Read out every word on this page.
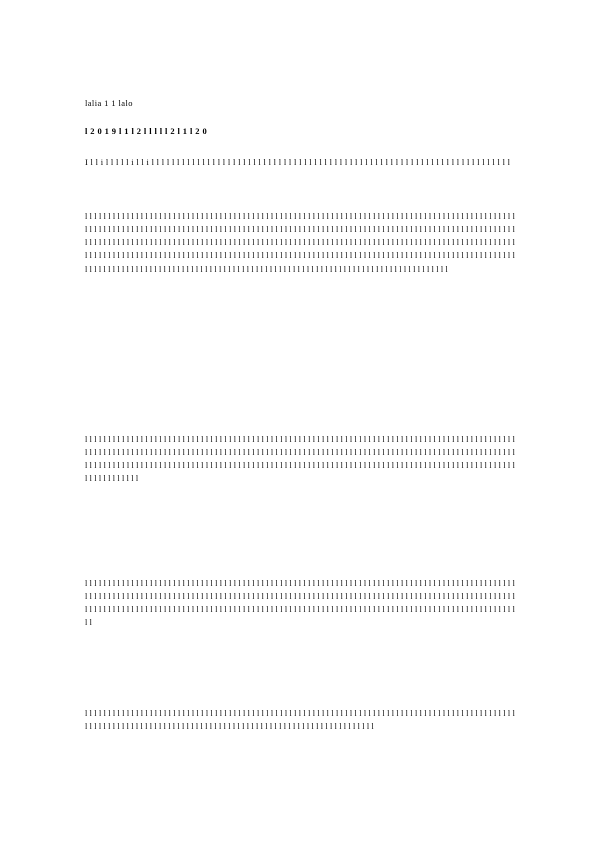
lalia 1 1 lalo
l 2 0 1 9 l 1 l 2 l l l l l 2 l 1 l 2 0
I l l i l l l l l i l l i l l l l l l l l l l l l l l l l l l l l l l l l l l l l l l l l l l l l l l l l l l l l l l l l l l l l l l l l l l l l l l l l l l l l l l l

l l l l l l l l l l l l l l l l l l l l l l l l l l l l l l l l l l l l l l l l l l l l l l l l l l l l l l l l l l l l l l l l l l l l l l l l l l l l l l l l l l l l l l l l l l l l l l l l l l l l l l l l l l l l l l l l l l l l l l l l l l l l l l l l l l l l l l l l l l l l l l l l l l l l l l l l l l l l l l l l l l l l l l l l l l l l l l l l l l l l l l l l l l l l l l l l l l l l l l l l l l l l l l l l l l l l l l l l l l l l l l l l l l l l l l l l l l l l l l l l l l l l l l l l l l l l l l l l l l l l l l l l l l l l l l l l l l l l l l l l l l l l l l l l l l l l l l l l l l l l l l l l l l l l l l l l l l l l l l l l l l l l l l l l l l l l l l l l l l l l l l l l l l l l l l l l l l l l l l l l l l l l l l l l l l l l l l l l l l l l l l l l l l l l l l l l l l l l l l l l l l l l l l l l l l l l l l l l l l l l l l l l l l l l l l l l l l l l l l l l l l l l l l l l l l l

l l l l l l l l l l l l l l l l l l l l l l l l l l l l l l l l l l l l l l l l l l l l l l l l l l l l l l l l l l l l l l l l l l l l l l l l l l l l l l l l l l l l l l l l l l l l l l l l l l l l l l l l l l l l l l l l l l l l l l l l l l l l l l l l l l l l l l l l l l l l l l l l l l l l l l l l l l l l l l l l l l l l l l l l l l l l l l l l l l l l l l l l l l l l l l l l l l l l l l l l l l l l l l l l l l l l l l l l l l l l l l l l l l l l l l l l l l l l l l l l l l l l l l l l l l l l l l l l l l l l l l l l l l l l l l l l l l l l l l l l l l l l l l l l l l l

l l l l l l l l l l l l l l l l l l l l l l l l l l l l l l l l l l l l l l l l l l l l l l l l l l l l l l l l l l l l l l l l l l l l l l l l l l l l l l l l l l l l l l l l l l l l l l l l l l l l l l l l l l l l l l l l l l l l l l l l l l l l l l l l l l l l l l l l l l l l l l l l l l l l l l l l l l l l l l l l l l l l l l l l l l l l l l l l l l l l l l l l l l l l l l l l l l l l l l l l l l l l l l l l l l l l l l l l l l l l l l l l l l l l l l l l l l l l l l l l l l l l l l l l l l l l l l l l l l l l l l l l l l l l l l l l l l l l l l l l l

l l l l l l l l l l l l l l l l l l l l l l l l l l l l l l l l l l l l l l l l l l l l l l l l l l l l l l l l l l l l l l l l l l l l l l l l l l l l l l l l l l l l l l l l l l l l l l l l l l l l l l l l l l l l l l l l l l l l l l l l l l l l l l l l l l l l l l l l l l l l l l l l l l l l l l l l l l l l
